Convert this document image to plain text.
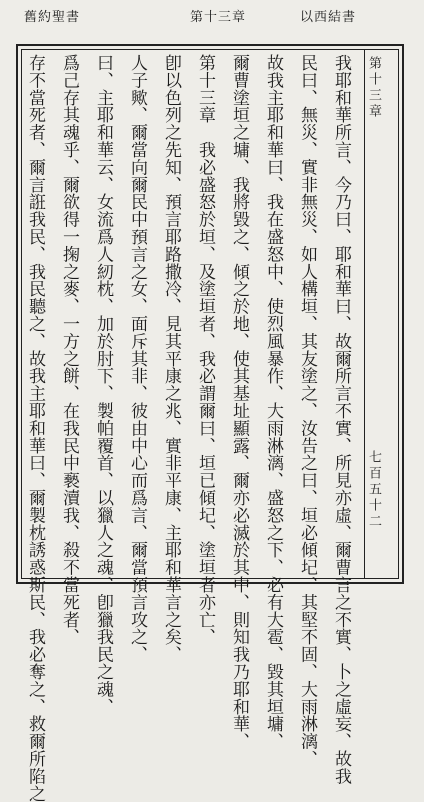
舊約聖書	第十三章	以西結書
第十三章
七百五十二
我耶和華所言、今乃曰、耶和華曰、故爾所言不實、所見亦虛、爾曹言之不實、卜之虛妄、故我
民曰、無災、實非無災、如人構垣、其友塗之、汝告之曰、垣必傾圮、其堅不固、大雨淋漓、
故我主耶和華曰、我在盛怒中、使烈風暴作、大雨淋漓、盛怒之下、必有大雹、毀其垣墉、
爾曹塗垣之墉、我將毀之、傾之於地、使其基址顯露、爾亦必滅於其中、則知我乃耶和華、
第十三章　我必盛怒於垣、及塗垣者、我必謂爾曰、垣已傾圮、塗垣者亦亡、
卽以色列之先知、預言耶路撒冷、見其平康之兆、實非平康、主耶和華言之矣、
人子歟、爾當向爾民中預言之女、面斥其非、彼由中心而爲言、爾當預言攻之、
曰、主耶和華云、女流爲人紉枕、加於肘下、製帕覆首、以獵人之魂、卽獵我民之魂、
爲己存其魂乎、爾欲得一掬之麥、一方之餅、在我民中褻瀆我、殺不當死者、
存不當死者、爾言誑我民、我民聽之、故我主耶和華曰、爾製枕誘惑斯民、我必奪之、救爾所陷之
